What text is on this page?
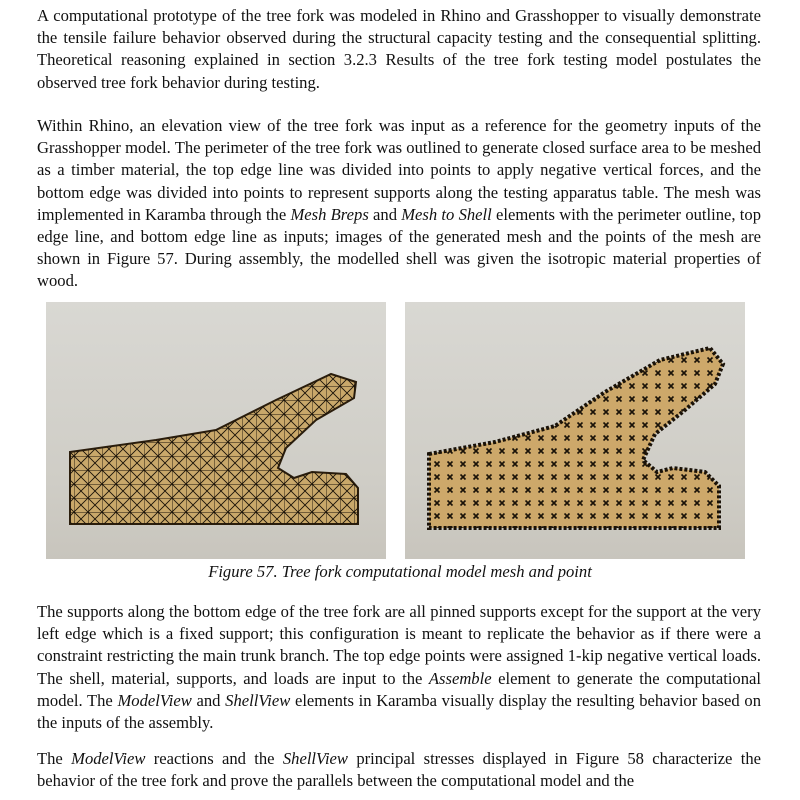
A computational prototype of the tree fork was modeled in Rhino and Grasshopper to visually demonstrate the tensile failure behavior observed during the structural capacity testing and the consequential splitting. Theoretical reasoning explained in section 3.2.3 Results of the tree fork testing model postulates the observed tree fork behavior during testing.

Within Rhino, an elevation view of the tree fork was input as a reference for the geometry inputs of the Grasshopper model. The perimeter of the tree fork was outlined to generate closed surface area to be meshed as a timber material, the top edge line was divided into points to apply negative vertical forces, and the bottom edge was divided into points to represent supports along the testing apparatus table. The mesh was implemented in Karamba through the Mesh Breps and Mesh to Shell elements with the perimeter outline, top edge line, and bottom edge line as inputs; images of the generated mesh and the points of the mesh are shown in Figure 57. During assembly, the modelled shell was given the isotropic material properties of wood.

The supports along the bottom edge of the tree fork are all pinned supports except for the support at the very left edge which is a fixed support; this configuration is meant to replicate the behavior as if there were a constraint restricting the main trunk branch. The top edge points were assigned 1-kip negative vertical loads. The shell, material, supports, and loads are input to the Assemble element to generate the computational model. The ModelView and ShellView elements in Karamba visually display the resulting behavior based on the inputs of the assembly.

The ModelView reactions and the ShellView principal stresses displayed in Figure 58 characterize the behavior of the tree fork and prove the parallels between the computational model and the

Figure 57. Tree fork computational model mesh and point
